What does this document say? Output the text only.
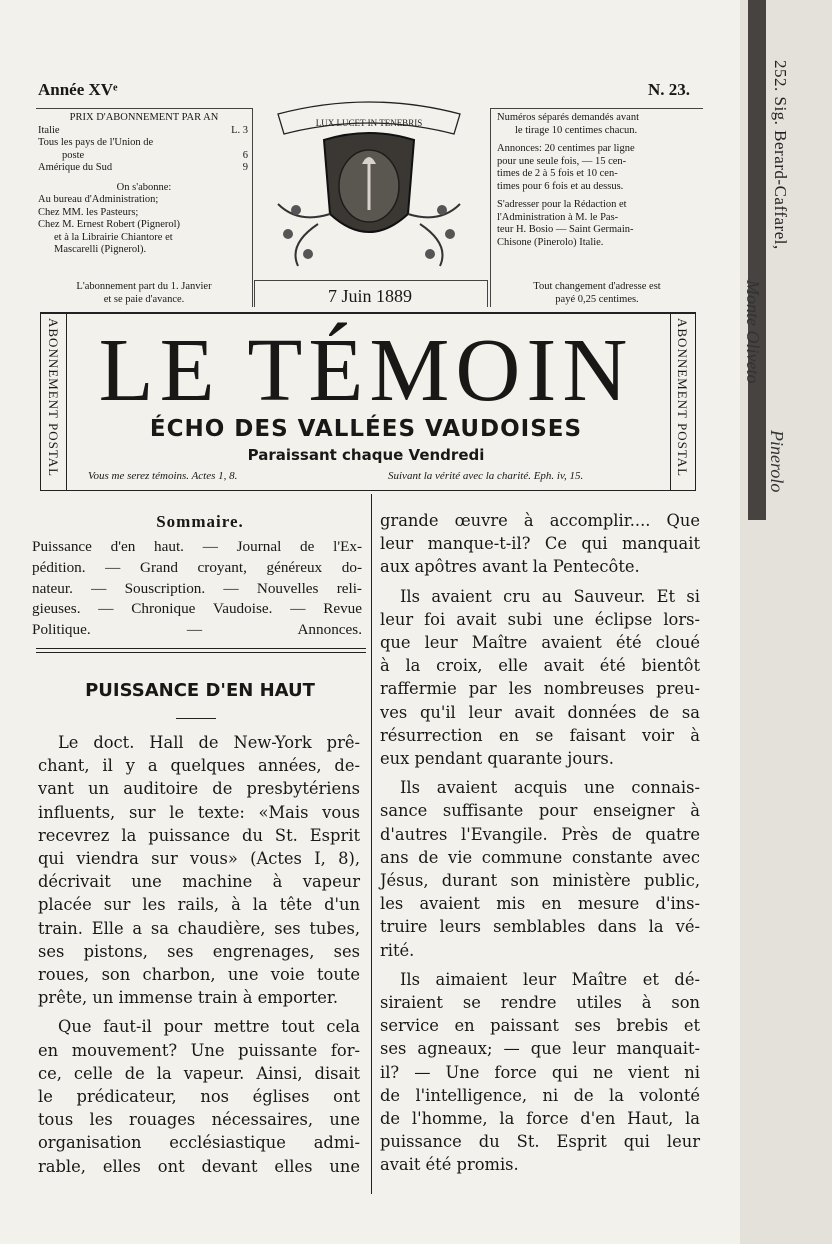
Année XVᵉ	N. 23.

PRIX D'ABONNEMENT PAR AN

Italie	L. 3
Tous les pays de l'Union de
poste	6
Amérique du Sud	9

On s'abonne:

Au bureau d'Administration;
Chez MM. les Pasteurs;
Chez M. Ernest Robert (Pignerol)
et à la Librairie Chiantore et
Mascarelli (Pignerol).
L'abonnement part du 1. Janvier
et se paie d'avance.
LUX LUCET IN TENEBRIS
7 Juin 1889
Numéros séparés demandés avant
le tirage 10 centimes chacun.
Annonces: 20 centimes par ligne
pour une seule fois, — 15 cen-
times de 2 à 5 fois et 10 cen-
times pour 6 fois et au dessus.
S'adresser pour la Rédaction et
l'Administration à M. le Pas-
teur H. Bosio — Saint Germain-
Chisone (Pinerolo) Italie.
Tout changement d'adresse est
payé 0,25 centimes.
ABONNEMENT POSTAL	ABONNEMENT POSTAL
LE TÉMOIN
ÉCHO DES VALLÉES VAUDOISES
Paraissant chaque Vendredi
Vous me serez témoins. Actes 1, 8.	Suivant la vérité avec la charité. Eph. iv, 15.
Sommaire.
Puissance d'en haut. — Journal de l'Ex-
pédition. — Grand croyant, généreux do-
nateur. — Souscription. — Nouvelles reli-
gieuses. — Chronique Vaudoise. — Revue
Politique. — Annonces.
PUISSANCE D'EN HAUT
Le doct. Hall de New-York prê-
chant, il y a quelques années, de-
vant un auditoire de presbytériens
influents, sur le texte: «Mais vous
recevrez la puissance du St. Esprit
qui viendra sur vous» (Actes I, 8),
décrivait une machine à vapeur
placée sur les rails, à la tête d'un
train. Elle a sa chaudière, ses tubes,
ses pistons, ses engrenages, ses
roues, son charbon, une voie toute
prête, un immense train à emporter.
Que faut-il pour mettre tout cela
en mouvement? Une puissante for-
ce, celle de la vapeur. Ainsi, disait
le prédicateur, nos églises ont
tous les rouages nécessaires, une
organisation ecclésiastique admi-
rable, elles ont devant elles une
grande œuvre à accomplir.... Que
leur manque-t-il? Ce qui manquait
aux apôtres avant la Pentecôte.
Ils avaient cru au Sauveur. Et si
leur foi avait subi une éclipse lors-
que leur Maître avaient été cloué
à la croix, elle avait été bientôt
raffermie par les nombreuses preu-
ves qu'il leur avait données de sa
résurrection en se faisant voir à
eux pendant quarante jours.
Ils avaient acquis une connais-
sance suffisante pour enseigner à
d'autres l'Evangile. Près de quatre
ans de vie commune constante avec
Jésus, durant son ministère public,
les avaient mis en mesure d'ins-
truire leurs semblables dans la vé-
rité.
Ils aimaient leur Maître et dé-
siraient se rendre utiles à son
service en paissant ses brebis et
ses agneaux; — que leur manquait-
il? — Une force qui ne vient ni
de l'intelligence, ni de la volonté
de l'homme, la force d'en Haut, la
puissance du St. Esprit qui leur
avait été promis.
252. Sig. Berard-Caffarel,
Monte Oliveto
Pinerolo
